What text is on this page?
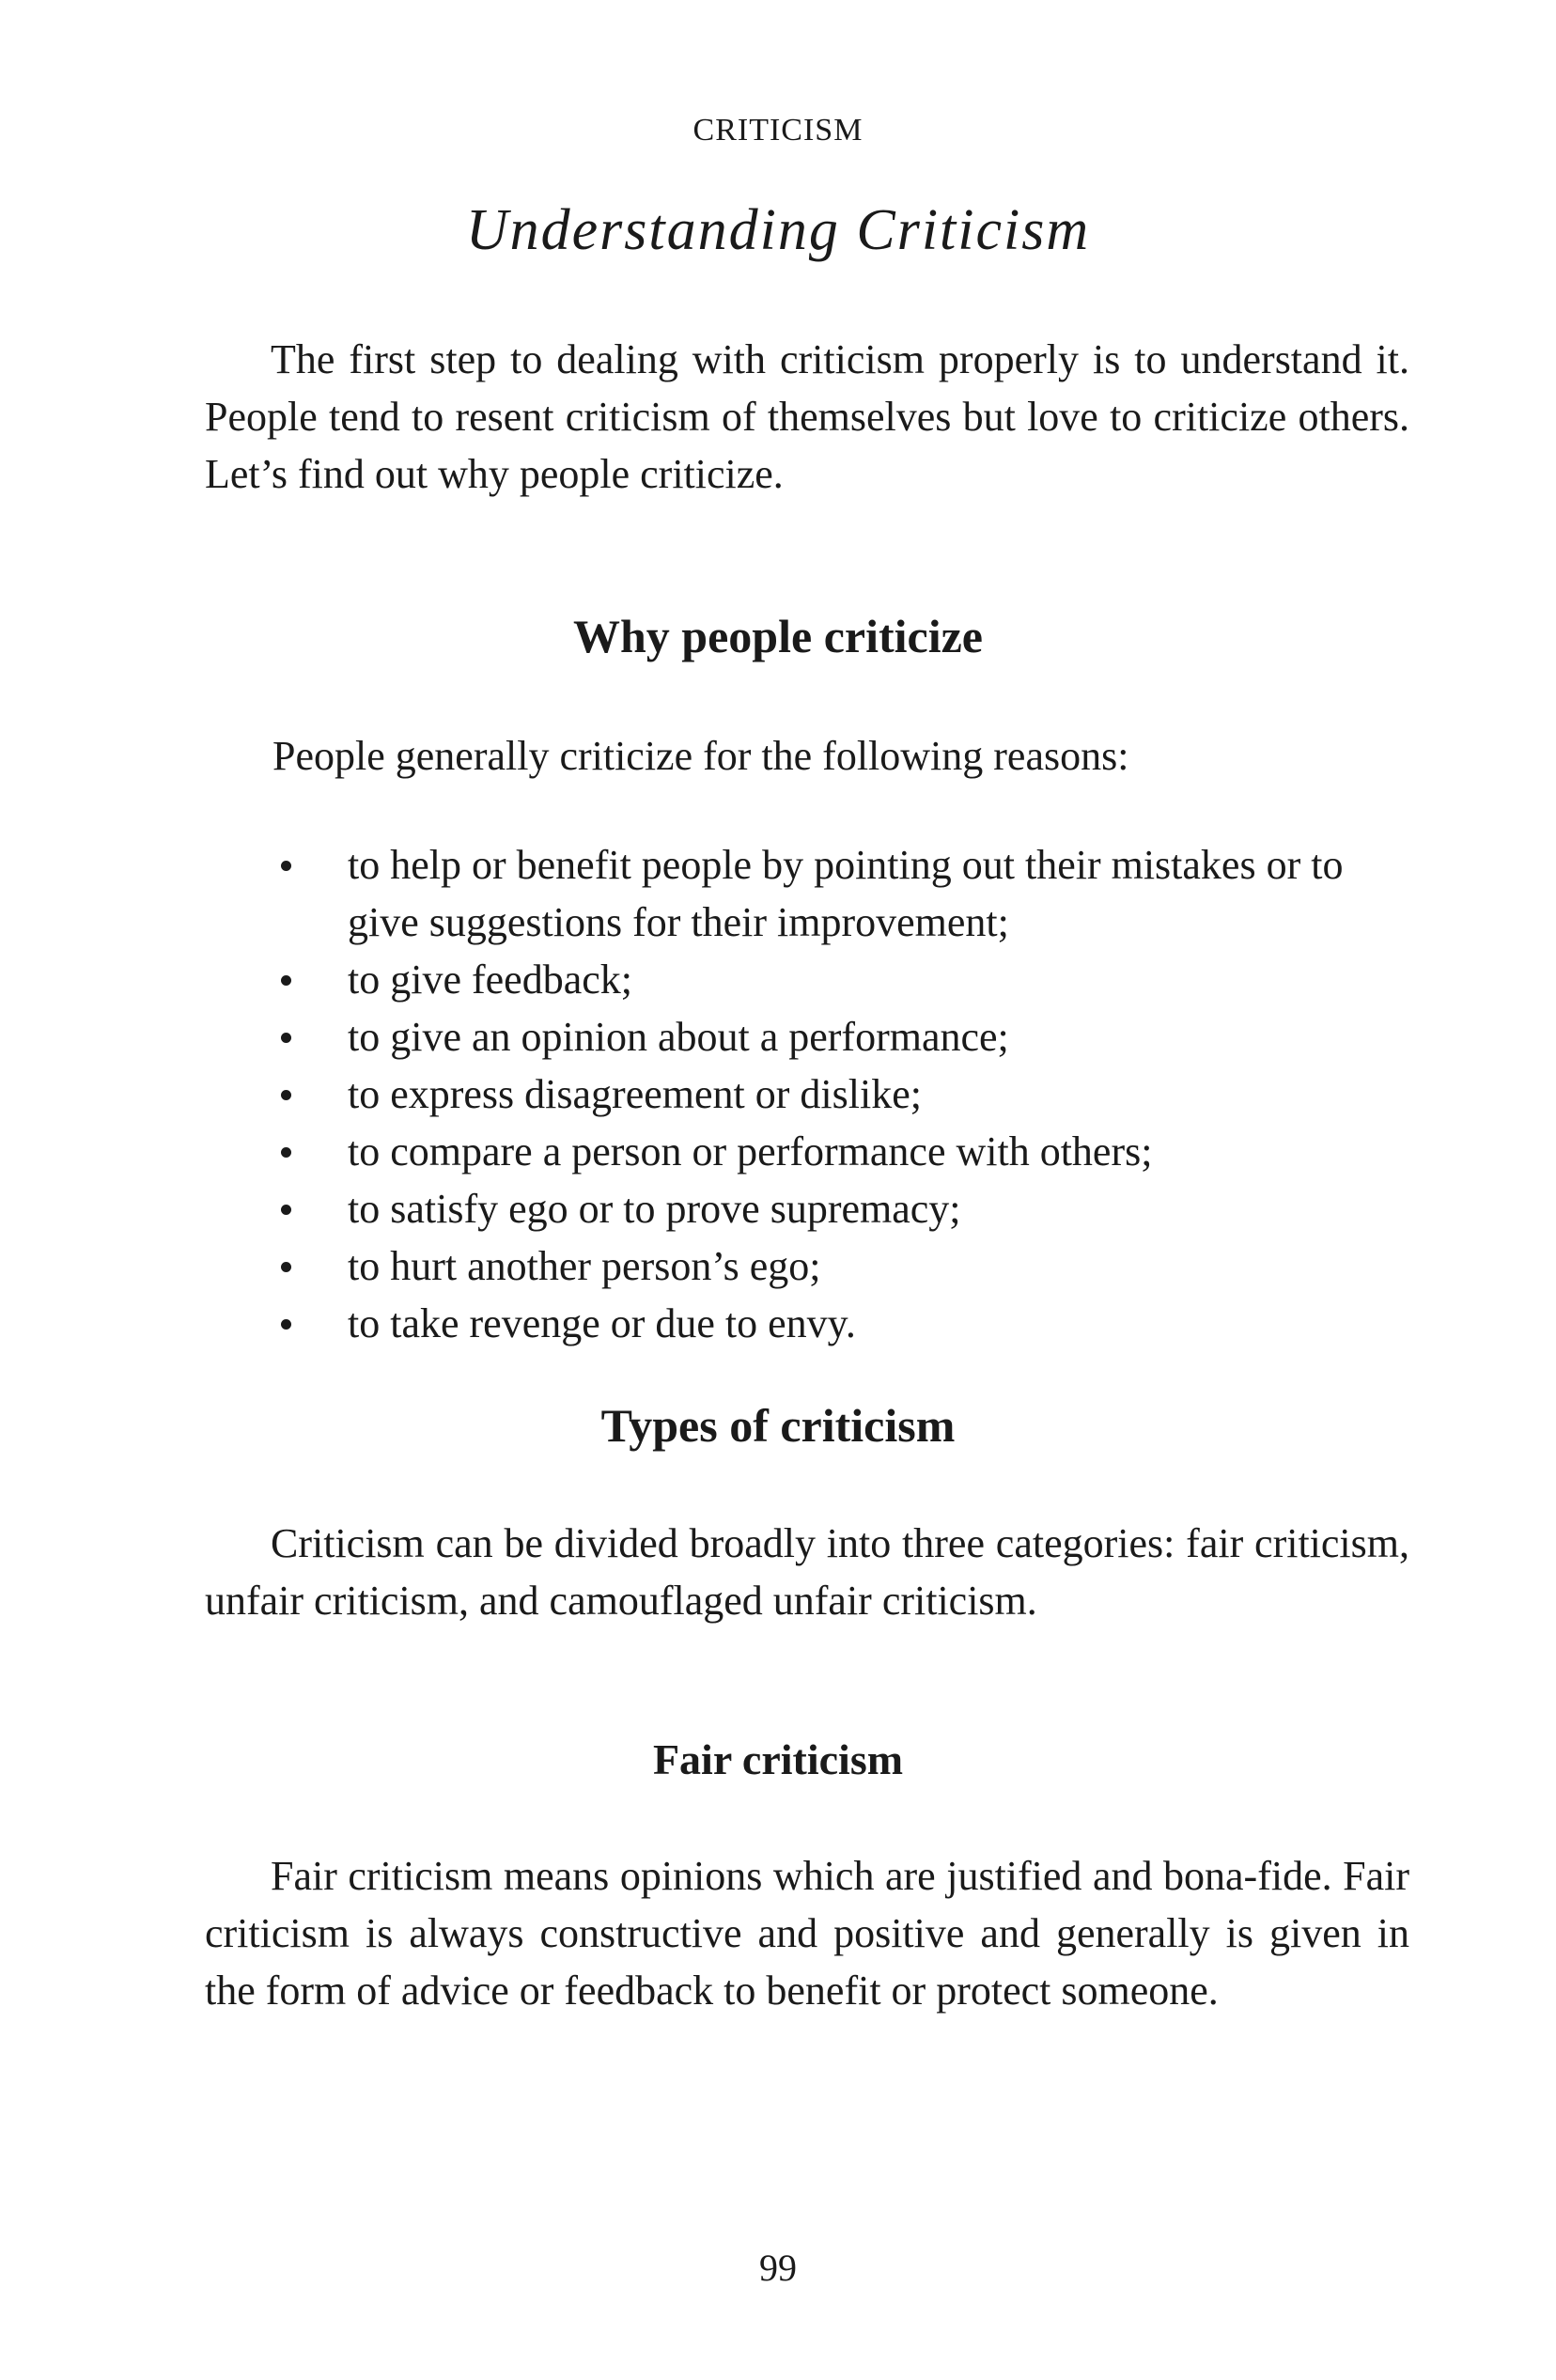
CRITICISM
Understanding Criticism

The first step to dealing with criticism properly is to understand it. People tend to resent criticism of themselves but love to criticize others. Let’s find out why people criticize.

Why people criticize

People generally criticize for the following reasons:

to help or benefit people by pointing out their mistakes or to give suggestions for their improvement;
to give feedback;
to give an opinion about a performance;
to express disagreement or dislike;
to compare a person or performance with others;
to satisfy ego or to prove supremacy;
to hurt another person’s ego;
to take revenge or due to envy.
Types of criticism

Criticism can be divided broadly into three categories: fair criticism, unfair criticism, and camouflaged unfair criticism.

Fair criticism

Fair criticism means opinions which are justified and bona-fide. Fair criticism is always constructive and positive and generally is given in the form of advice or feedback to benefit or protect someone.

99
